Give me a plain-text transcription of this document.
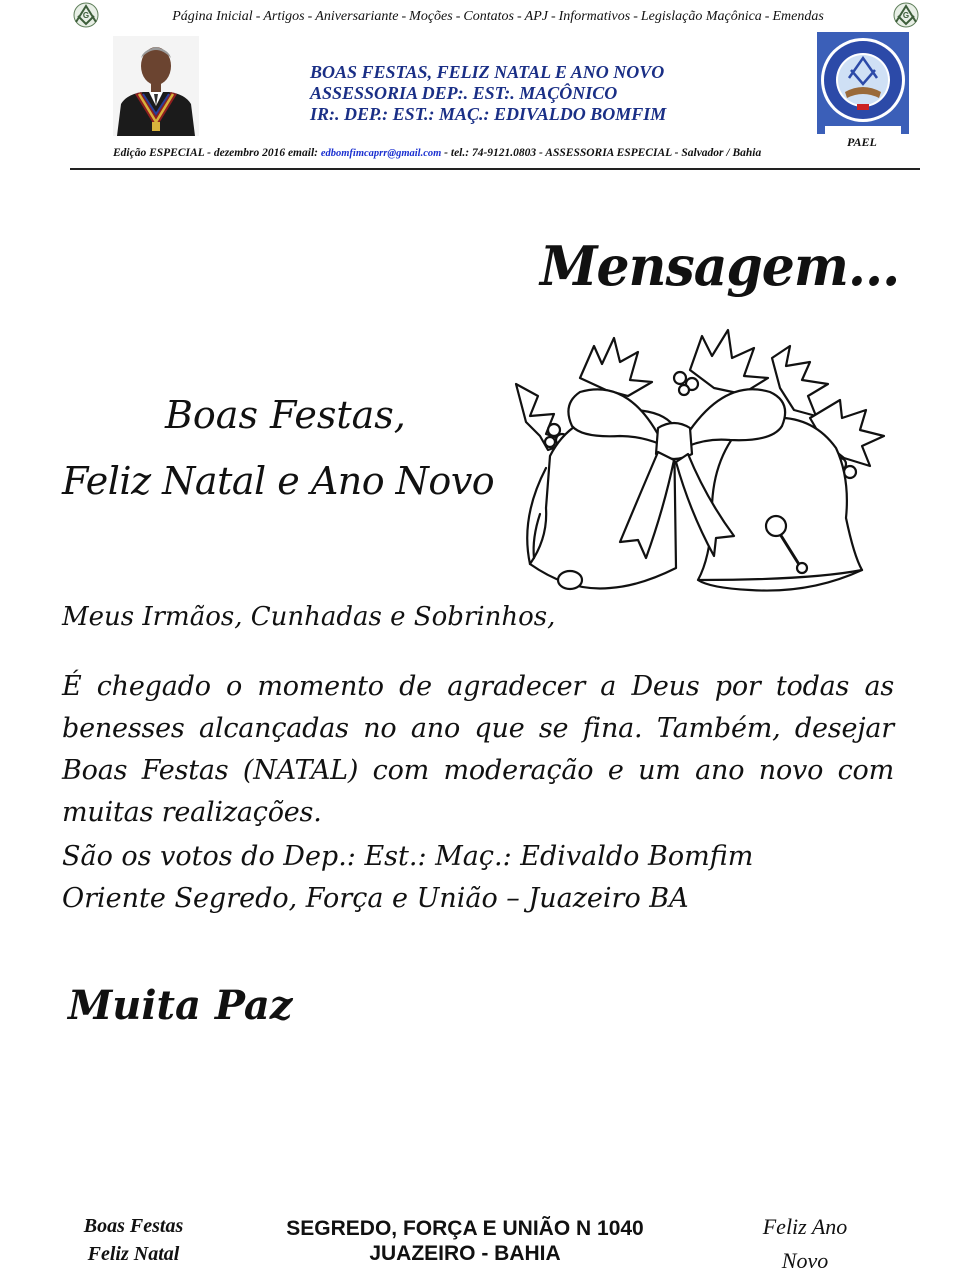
G	Página Inicial - Artigos - Aniversariante - Moções - Contatos - APJ - Informativos - Legislação Maçônica - Emendas	G
BOAS FESTAS, FELIZ NATAL E ANO NOVO
ASSESSORIA DEP:. EST:. MAÇÔNICO
IR:. DEP.: EST.: MAÇ.: EDIVALDO BOMFIM
PAEL
Edição ESPECIAL - dezembro 2016 email: edbomfimcaprr@gmail.com - tel.: 74-9121.0803 - ASSESSORIA ESPECIAL - Salvador / Bahia
Mensagem...
Boas Festas,
Feliz Natal e Ano Novo
Meus Irmãos, Cunhadas e Sobrinhos,
É chegado o momento de agradecer a Deus por todas as benesses alcançadas no ano que se fina. Também, desejar Boas Festas (NATAL) com moderação e um ano novo com muitas realizações.
São os votos do Dep.: Est.: Maç.: Edivaldo Bomfim
Oriente Segredo, Força e União – Juazeiro BA
Muita Paz
Boas Festas
Feliz Natal
SEGREDO, FORÇA E UNIÃO N 1040
JUAZEIRO - BAHIA
Feliz Ano
Novo
